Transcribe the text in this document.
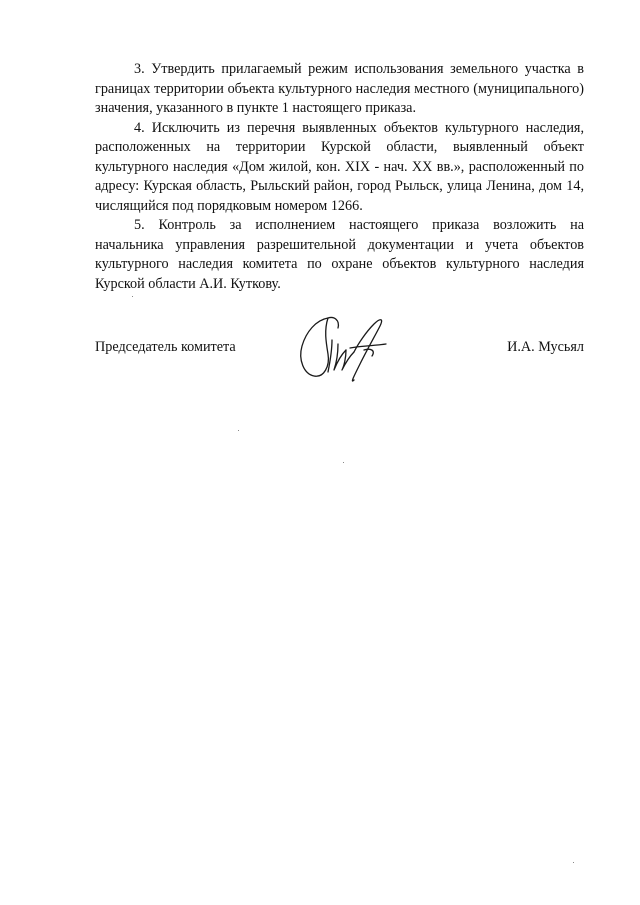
3. Утвердить прилагаемый режим использования земельного участка в границах территории объекта культурного наследия местного (муниципального) значения, указанного в пункте 1 настоящего приказа.

4. Исключить из перечня выявленных объектов культурного наследия, расположенных на территории Курской области, выявленный объект культурного наследия «Дом жилой, кон. XIX - нач. XX вв.», расположенный по адресу: Курская область, Рыльский район, город Рыльск, улица Ленина, дом 14, числящийся под порядковым номером 1266.

5. Контроль за исполнением настоящего приказа возложить на начальника управления разрешительной документации и учета объектов культурного наследия комитета по охране объектов культурного наследия Курской области А.И. Куткову.

Председатель комитета	И.А. Мусьял
